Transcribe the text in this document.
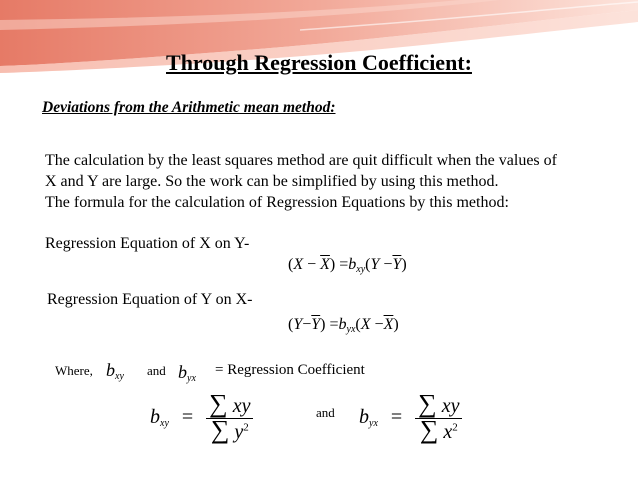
Through Regression Coefficient:
Deviations from the Arithmetic mean method:
The calculation by the least squares method are quit difficult when the values of
X and Y are large. So the work can be simplified by using this method.
The formula for the calculation of Regression Equations by this method:
Regression Equation of X on Y-
$(X - \overline{X}) =b_{xy}(Y -\overline{Y})$
Regression Equation of Y on X-
$(Y-\overline{Y}) =b_{yx}(X -\overline{X})$
Where, $b_{xy}$ and $b_{yx}$
= Regression Coefficient
$b_{xy} = \frac{\sum xy}{\sum y^2}$	and $b_{yx} = \frac{\sum xy}{\sum x^2}$
